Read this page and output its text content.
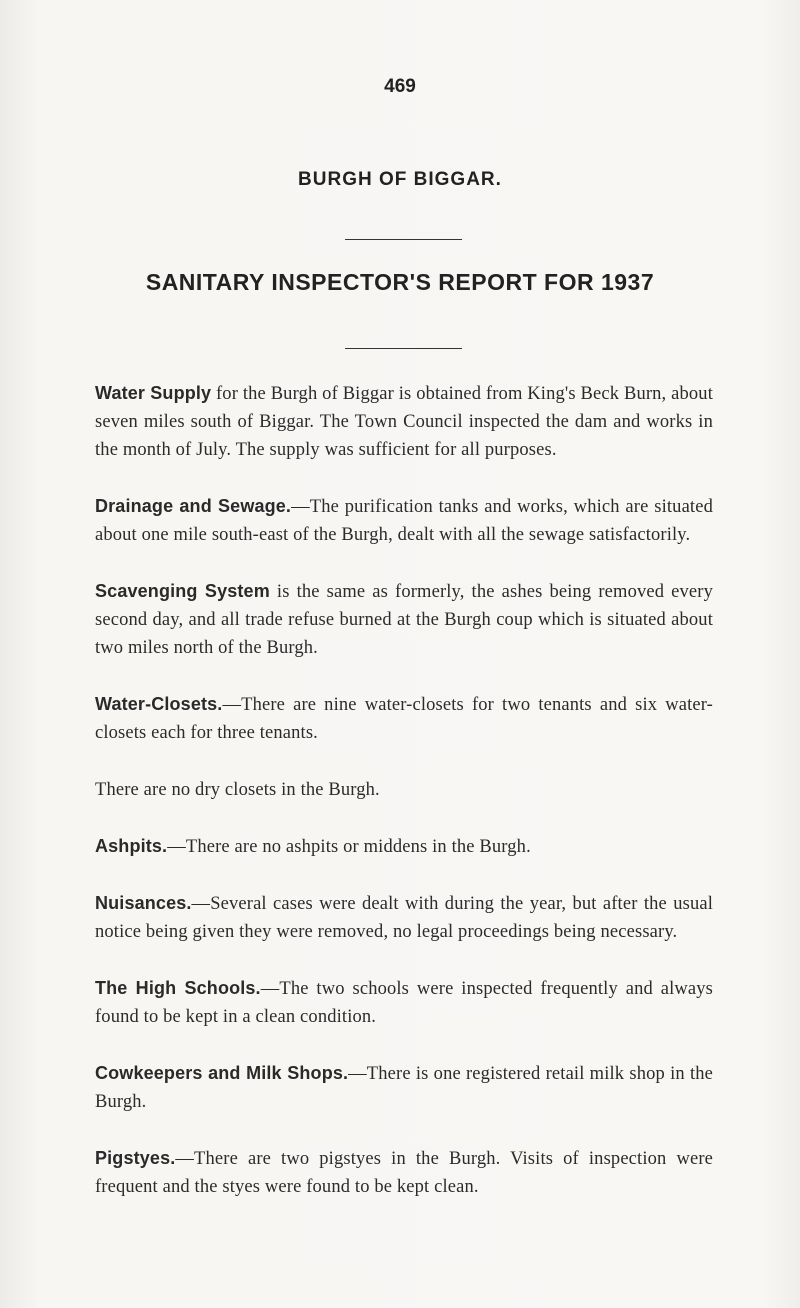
469
BURGH OF BIGGAR.
SANITARY INSPECTOR'S REPORT FOR 1937

Water Supply for the Burgh of Biggar is obtained from King's Beck Burn, about seven miles south of Biggar. The Town Council inspected the dam and works in the month of July. The supply was sufficient for all purposes.

Drainage and Sewage.—The purification tanks and works, which are situated about one mile south-east of the Burgh, dealt with all the sewage satisfactorily.

Scavenging System is the same as formerly, the ashes being removed every second day, and all trade refuse burned at the Burgh coup which is situated about two miles north of the Burgh.

Water-Closets.—There are nine water-closets for two tenants and six water-closets each for three tenants.

There are no dry closets in the Burgh.

Ashpits.—There are no ashpits or middens in the Burgh.

Nuisances.—Several cases were dealt with during the year, but after the usual notice being given they were removed, no legal proceedings being necessary.

The High Schools.—The two schools were inspected frequently and always found to be kept in a clean condition.

Cowkeepers and Milk Shops.—There is one registered retail milk shop in the Burgh.

Pigstyes.—There are two pigstyes in the Burgh. Visits of inspection were frequent and the styes were found to be kept clean.
